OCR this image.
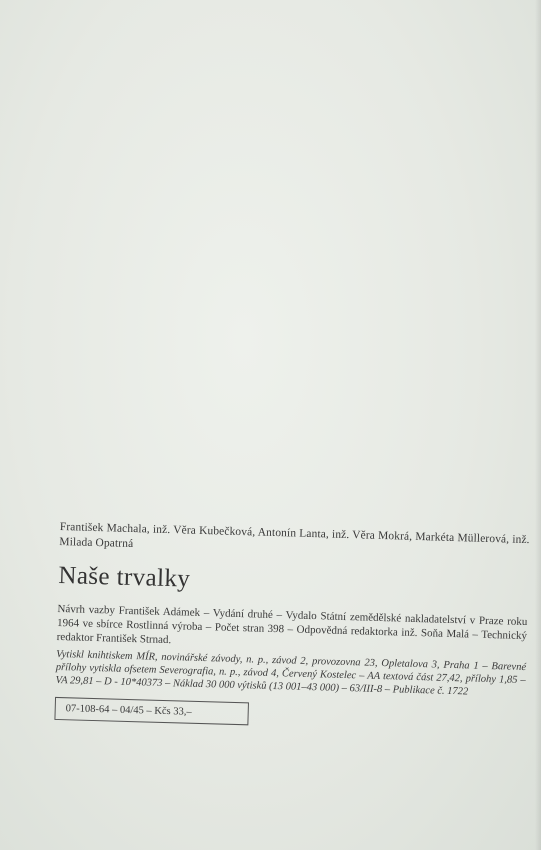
František Machala, inž. Věra Kubečková, Antonín Lanta, inž. Věra Mokrá, Markéta Müllerová, inž. Milada Opatrná

Naše trvalky

Návrh vazby František Adámek – Vydání druhé – Vydalo Státní zemědělské nakladatelství v Praze roku 1964 ve sbírce Rostlinná výroba – Počet stran 398 – Odpovědná redaktorka inž. Soňa Malá – Technický redaktor František Strnad.

Vytiskl knihtiskem MÍR, novinářské závody, n. p., závod 2, provozovna 23, Opletalova 3, Praha 1 – Barevné přílohy vytiskla ofsetem Severografia, n. p., závod 4, Červený Kostelec – AA textová část 27,42, přílohy 1,85 – VA 29,81 – D - 10*40373 – Náklad 30 000 výtisků (13 001–43 000) – 63/III-8 – Publikace č. 1722

07-108-64 – 04/45 – Kčs 33,–
